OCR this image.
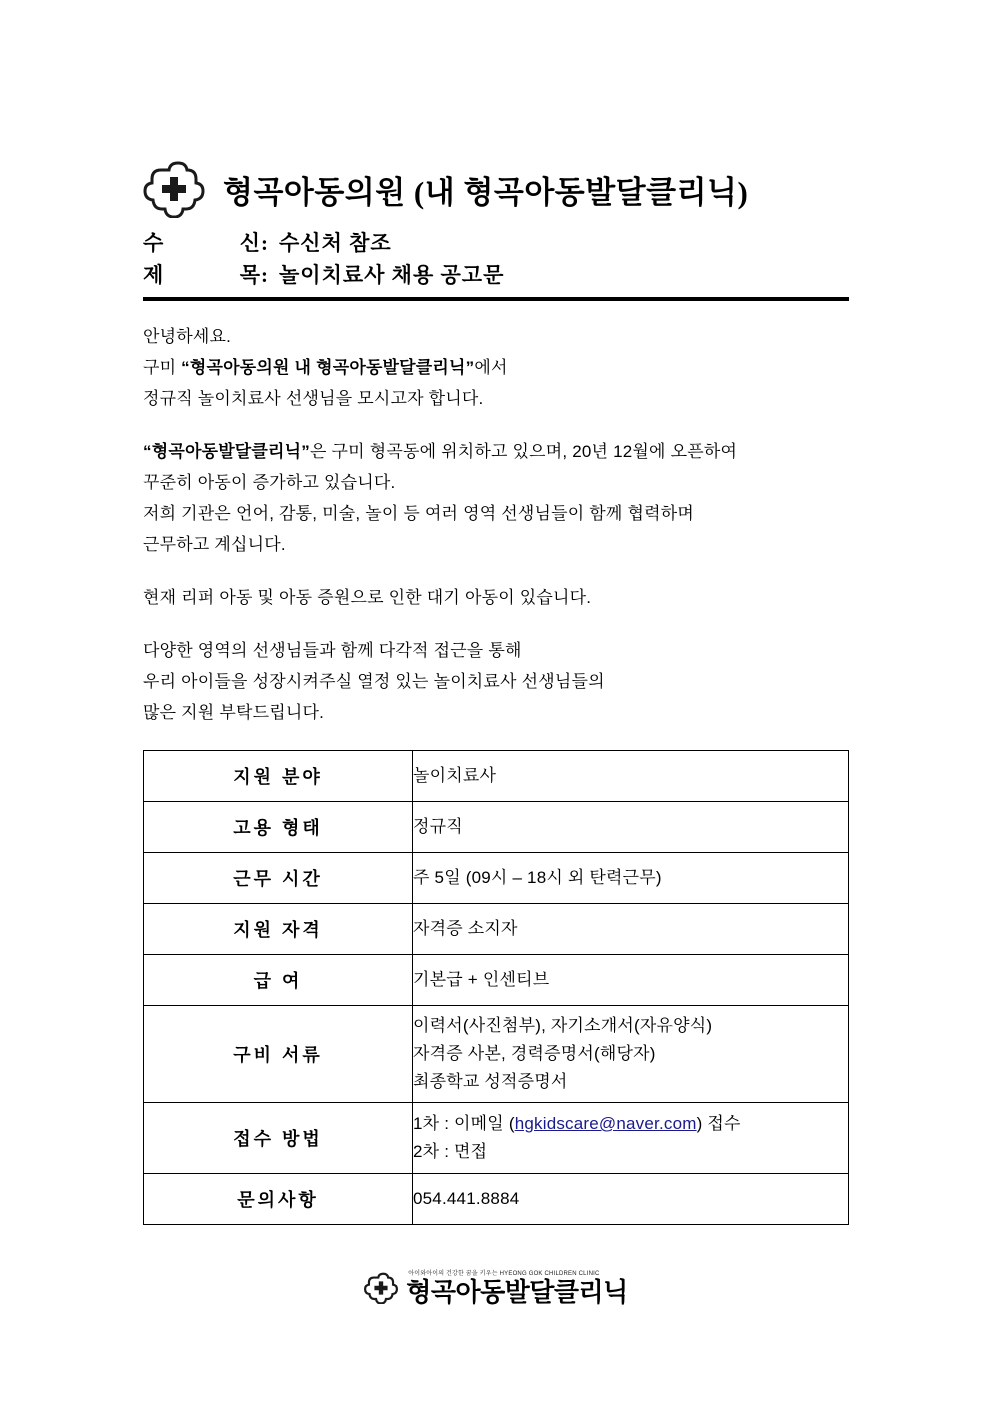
형곡아동의원 (내 형곡아동발달클리닉)
수	신 : 수신처 참조
제	목 : 놀이치료사 채용 공고문

안녕하세요.

구미 “형곡아동의원 내 형곡아동발달클리닉”에서

정규직 놀이치료사 선생님을 모시고자 합니다.

“형곡아동발달클리닉”은 구미 형곡동에 위치하고 있으며, 20년 12월에 오픈하여

꾸준히 아동이 증가하고 있습니다.

저희 기관은 언어, 감통, 미술, 놀이 등 여러 영역 선생님들이 함께 협력하며

근무하고 계십니다.

현재 리퍼 아동 및 아동 증원으로 인한 대기 아동이 있습니다.

다양한 영역의 선생님들과 함께 다각적 접근을 통해

우리 아이들을 성장시켜주실 열정 있는 놀이치료사 선생님들의

많은 지원 부탁드립니다.

지원 분야	놀이치료사

고용 형태	정규직

근무 시간	주 5일 (09시 – 18시 외 탄력근무)

지원 자격	자격증 소지자

급 여	기본급 + 인센티브

구비 서류	이력서(사진첨부), 자기소개서(자유양식)
자격증 사본, 경력증명서(해당자)
최종학교 성적증명서

접수 방법	1차 : 이메일 (hgkidscare@naver.com) 접수
2차 : 면접

문의사항	054.441.8884
아이와아이의 건강한 꿈을 키우는 HYEONG GOK CHILDREN CLINIC
형곡아동발달클리닉
